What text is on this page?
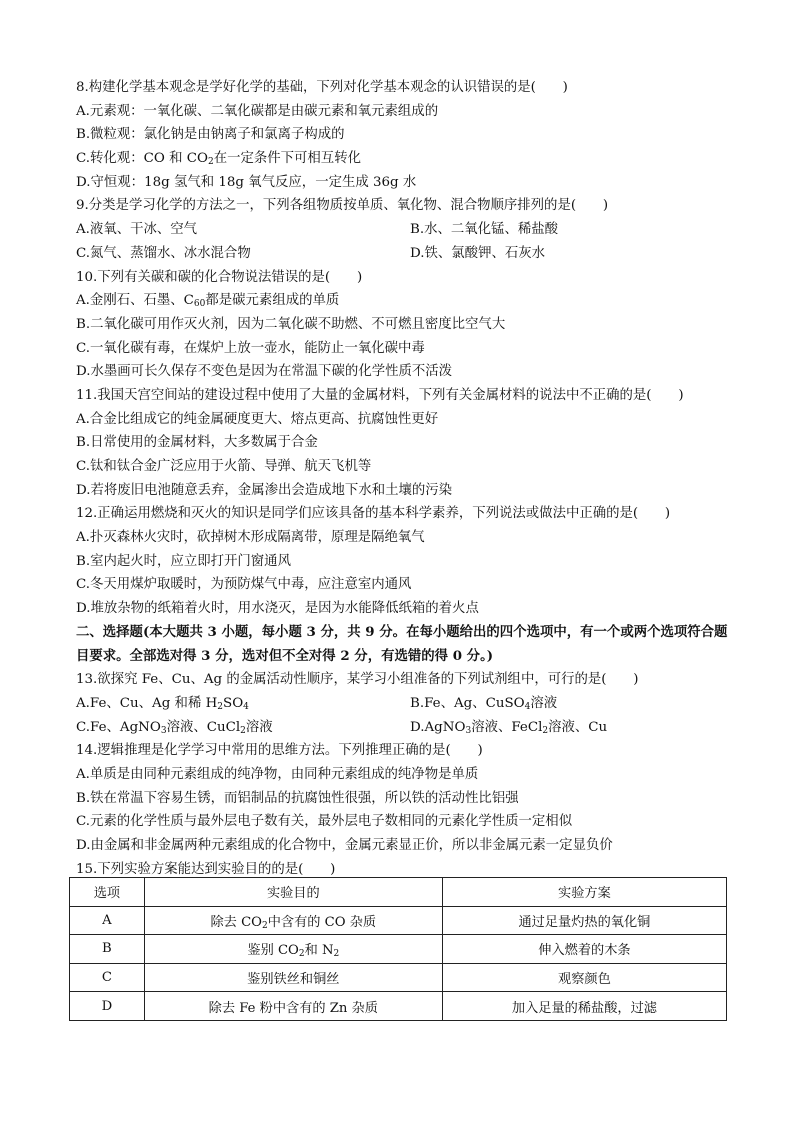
8.构建化学基本观念是学好化学的基础，下列对化学基本观念的认识错误的是(　　)
A.元素观：一氧化碳、二氧化碳都是由碳元素和氧元素组成的
B.微粒观：氯化钠是由钠离子和氯离子构成的
C.转化观：CO 和 $CO_2$在一定条件下可相互转化
D.守恒观：18g 氢气和 18g 氧气反应，一定生成 36g 水
9.分类是学习化学的方法之一，下列各组物质按单质、氧化物、混合物顺序排列的是(　　)
A.液氧、干冰、空气	B.水、二氧化锰、稀盐酸
C.氮气、蒸馏水、冰水混合物	D.铁、氯酸钾、石灰水
10.下列有关碳和碳的化合物说法错误的是(　　)
A.金刚石、石墨、$C_{60}$都是碳元素组成的单质
B.二氧化碳可用作灭火剂，因为二氧化碳不助燃、不可燃且密度比空气大
C.一氧化碳有毒，在煤炉上放一壶水，能防止一氧化碳中毒
D.水墨画可长久保存不变色是因为在常温下碳的化学性质不活泼
11.我国天宫空间站的建设过程中使用了大量的金属材料，下列有关金属材料的说法中不正确的是(　　)
A.合金比组成它的纯金属硬度更大、熔点更高、抗腐蚀性更好
B.日常使用的金属材料，大多数属于合金
C.钛和钛合金广泛应用于火箭、导弹、航天飞机等
D.若将废旧电池随意丢弃，金属渗出会造成地下水和土壤的污染
12.正确运用燃烧和灭火的知识是同学们应该具备的基本科学素养，下列说法或做法中正确的是(　　)
A.扑灭森林火灾时，砍掉树木形成隔离带，原理是隔绝氧气
B.室内起火时，应立即打开门窗通风
C.冬天用煤炉取暖时，为预防煤气中毒，应注意室内通风
D.堆放杂物的纸箱着火时，用水浇灭，是因为水能降低纸箱的着火点
二、选择题(本大题共 3 小题，每小题 3 分，共 9 分。在每小题给出的四个选项中，有一个或两个选项符合题目要求。全部选对得 3 分，选对但不全对得 2 分，有选错的得 0 分。)
13.欲探究 Fe、Cu、Ag 的金属活动性顺序，某学习小组准备的下列试剂组中，可行的是(　　)
A.Fe、Cu、Ag 和稀 $H_2SO_4$	B.Fe、Ag、CuSO$_4$溶液
C.Fe、AgNO$_3$溶液、CuCl$_2$溶液	D.AgNO$_3$溶液、FeCl$_2$溶液、Cu
14.逻辑推理是化学学习中常用的思维方法。下列推理正确的是(　　)
A.单质是由同种元素组成的纯净物，由同种元素组成的纯净物是单质
B.铁在常温下容易生锈，而铝制品的抗腐蚀性很强，所以铁的活动性比铝强
C.元素的化学性质与最外层电子数有关，最外层电子数相同的元素化学性质一定相似
D.由金属和非金属两种元素组成的化合物中，金属元素显正价，所以非金属元素一定显负价
15.下列实验方案能达到实验目的的是(　　)
选项	实验目的	实验方案
A	除去 $CO_2$中含有的 CO 杂质	通过足量灼热的氧化铜
B	鉴别 $CO_2$和 $N_2$	伸入燃着的木条
C	鉴别铁丝和铜丝	观察颜色
D	除去 Fe 粉中含有的 Zn 杂质	加入足量的稀盐酸，过滤
